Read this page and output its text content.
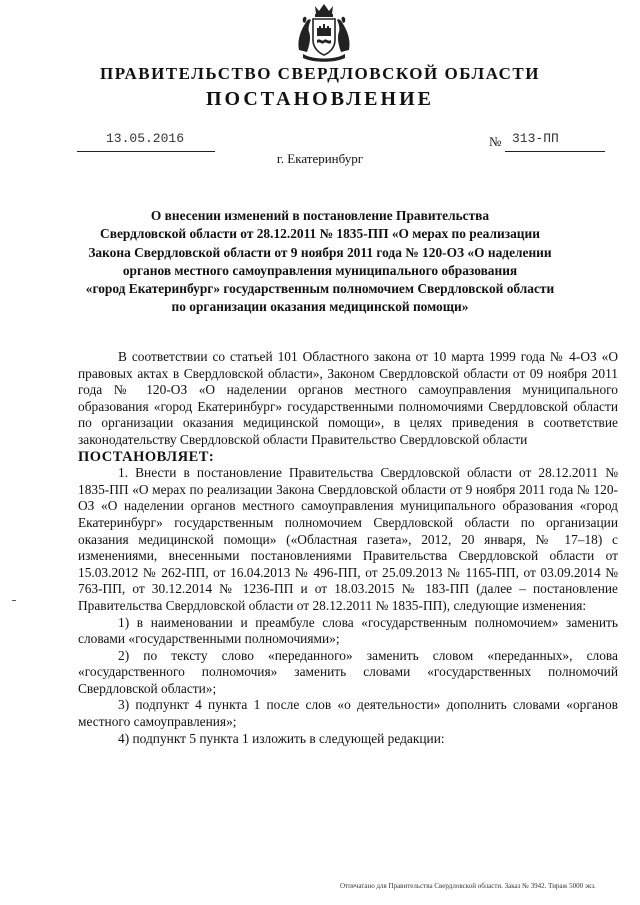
ПРАВИТЕЛЬСТВО СВЕРДЛОВСКОЙ ОБЛАСТИ
ПОСТАНОВЛЕНИЕ
13.05.2016	№ 313-ПП
г. Екатеринбург
О внесении изменений в постановление Правительства
Свердловской области от 28.12.2011 № 1835-ПП «О мерах по реализации
Закона Свердловской области от 9 ноября 2011 года № 120-ОЗ «О наделении
органов местного самоуправления муниципального образования
«город Екатеринбург» государственным полномочием Свердловской области
по организации оказания медицинской помощи»

В соответствии со статьей 101 Областного закона от 10 марта 1999 года № 4-ОЗ «О правовых актах в Свердловской области», Законом Свердловской области от 09 ноября 2011 года № 120-ОЗ «О наделении органов местного самоуправления муниципального образования «город Екатеринбург» государственными полномочиями Свердловской области по организации оказания медицинской помощи», в целях приведения в соответствие законодательству Свердловской области Правительство Свердловской области

ПОСТАНОВЛЯЕТ:

1. Внести в постановление Правительства Свердловской области от 28.12.2011 № 1835-ПП «О мерах по реализации Закона Свердловской области от 9 ноября 2011 года № 120-ОЗ «О наделении органов местного самоуправления муниципального образования «город Екатеринбург» государственным полномочием Свердловской области по организации оказания медицинской помощи» («Областная газета», 2012, 20 января, № 17–18) с изменениями, внесенными постановлениями Правительства Свердловской области от 15.03.2012 № 262-ПП, от 16.04.2013 № 496-ПП, от 25.09.2013 № 1165-ПП, от 03.09.2014 № 763-ПП, от 30.12.2014 № 1236-ПП и от 18.03.2015 № 183-ПП (далее – постановление Правительства Свердловской области от 28.12.2011 № 1835-ПП), следующие изменения:

1) в наименовании и преамбуле слова «государственным полномочием» заменить словами «государственными полномочиями»;

2) по тексту слово «переданного» заменить словом «переданных», слова «государственного полномочия» заменить словами «государственных полномочий Свердловской области»;

3) подпункт 4 пункта 1 после слов «о деятельности» дополнить словами «органов местного самоуправления»;

4) подпункт 5 пункта 1 изложить в следующей редакции:

Отпечатано для Правительства Свердловской области. Заказ № 3942. Тираж 5000 экз.
